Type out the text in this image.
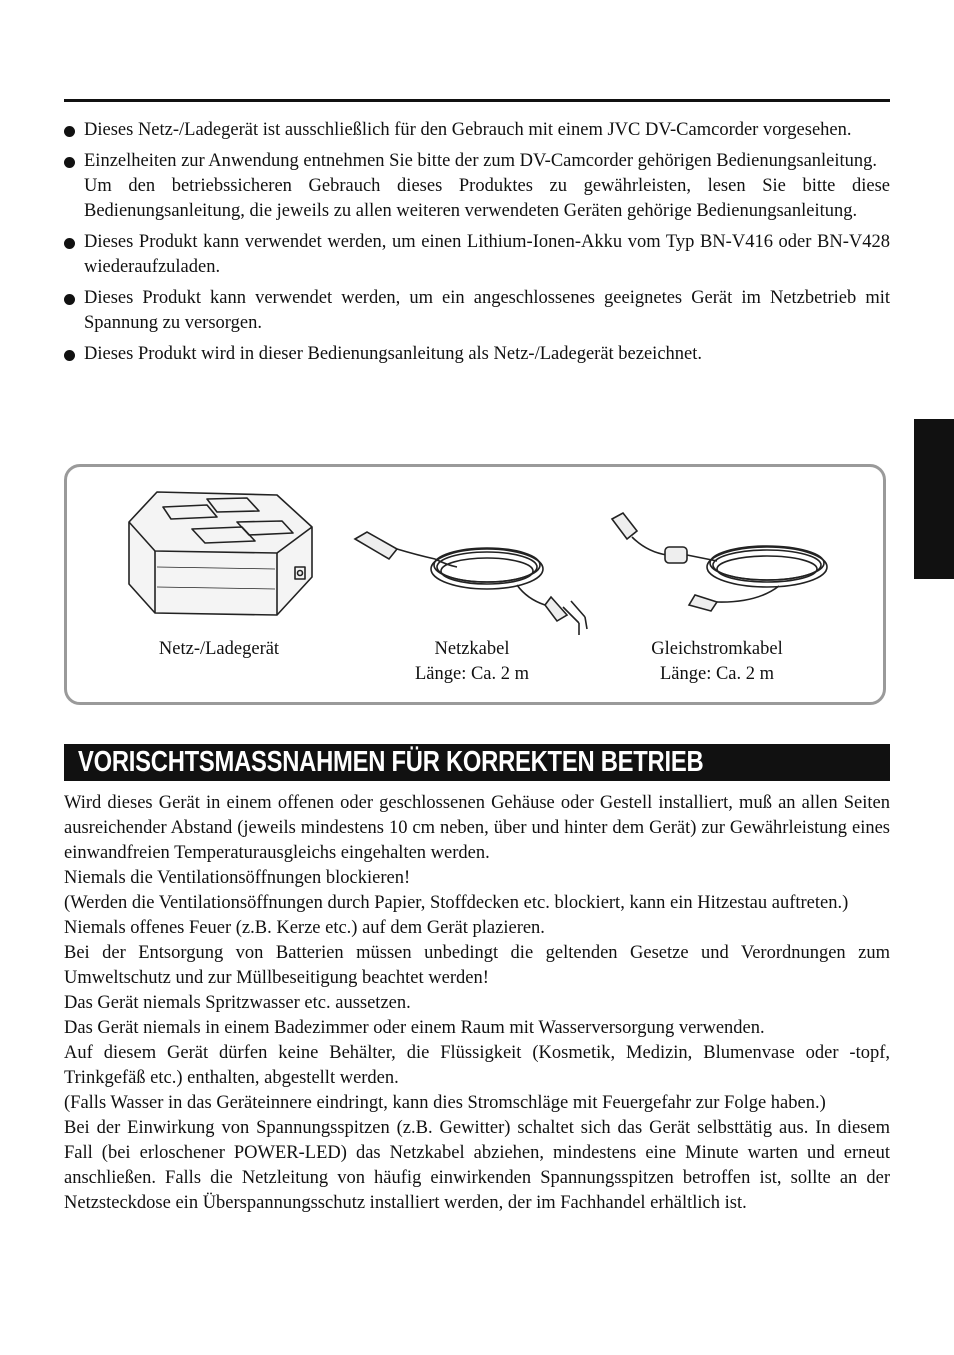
Dieses Netz-/Ladegerät ist ausschließlich für den Gebrauch mit einem JVC DV-Camcorder vorgesehen.

Einzelheiten zur Anwendung entnehmen Sie bitte der zum DV-Camcorder gehörigen Bedienungsanleitung.

Um den betriebssicheren Gebrauch dieses Produktes zu gewährleisten, lesen Sie bitte diese Bedienungsanleitung, die jeweils zu allen weiteren verwendeten Geräten gehörige Bedienungsanleitung.

Dieses Produkt kann verwendet werden, um einen Lithium-Ionen-Akku vom Typ BN-V416 oder BN-V428 wiederaufzuladen.

Dieses Produkt kann verwendet werden, um ein angeschlossenes geeignetes Gerät im Netzbetrieb mit Spannung zu versorgen.

Dieses Produkt wird in dieser Bedienungsanleitung als Netz-/Ladegerät bezeichnet.

Netz-/Ladegerät	Netzkabel
Länge: Ca. 2 m
Gleichstromkabel
Länge: Ca. 2 m
VORISCHTSMASSNAHMEN FÜR KORREKTEN BETRIEB

Wird dieses Gerät in einem offenen oder geschlossenen Gehäuse oder Gestell installiert, muß an allen Seiten ausreichender Abstand (jeweils mindestens 10 cm neben, über und hinter dem Gerät) zur Gewährleistung eines einwandfreien Temperaturausgleichs eingehalten werden.

Niemals die Ventilationsöffnungen blockieren!

(Werden die Ventilationsöffnungen durch Papier, Stoffdecken etc. blockiert, kann ein Hitzestau auftreten.)

Niemals offenes Feuer (z.B. Kerze etc.) auf dem Gerät plazieren.

Bei der Entsorgung von Batterien müssen unbedingt die geltenden Gesetze und Verordnungen zum Umweltschutz und zur Müllbeseitigung beachtet werden!

Das Gerät niemals Spritzwasser etc. aussetzen.

Das Gerät niemals in einem Badezimmer oder einem Raum mit Wasserversorgung verwenden.

Auf diesem Gerät dürfen keine Behälter, die Flüssigkeit (Kosmetik, Medizin, Blumenvase oder -topf, Trinkgefäß etc.) enthalten, abgestellt werden.

(Falls Wasser in das Geräteinnere eindringt, kann dies Stromschläge mit Feuergefahr zur Folge haben.)

Bei der Einwirkung von Spannungsspitzen (z.B. Gewitter) schaltet sich das Gerät selbsttätig aus. In diesem Fall (bei erloschener POWER-LED) das Netzkabel abziehen, mindestens eine Minute warten und erneut anschließen. Falls die Netzleitung von häufig einwirkenden Spannungsspitzen betroffen ist, sollte an der Netzsteckdose ein Überspannungsschutz installiert werden, der im Fachhandel erhältlich ist.
